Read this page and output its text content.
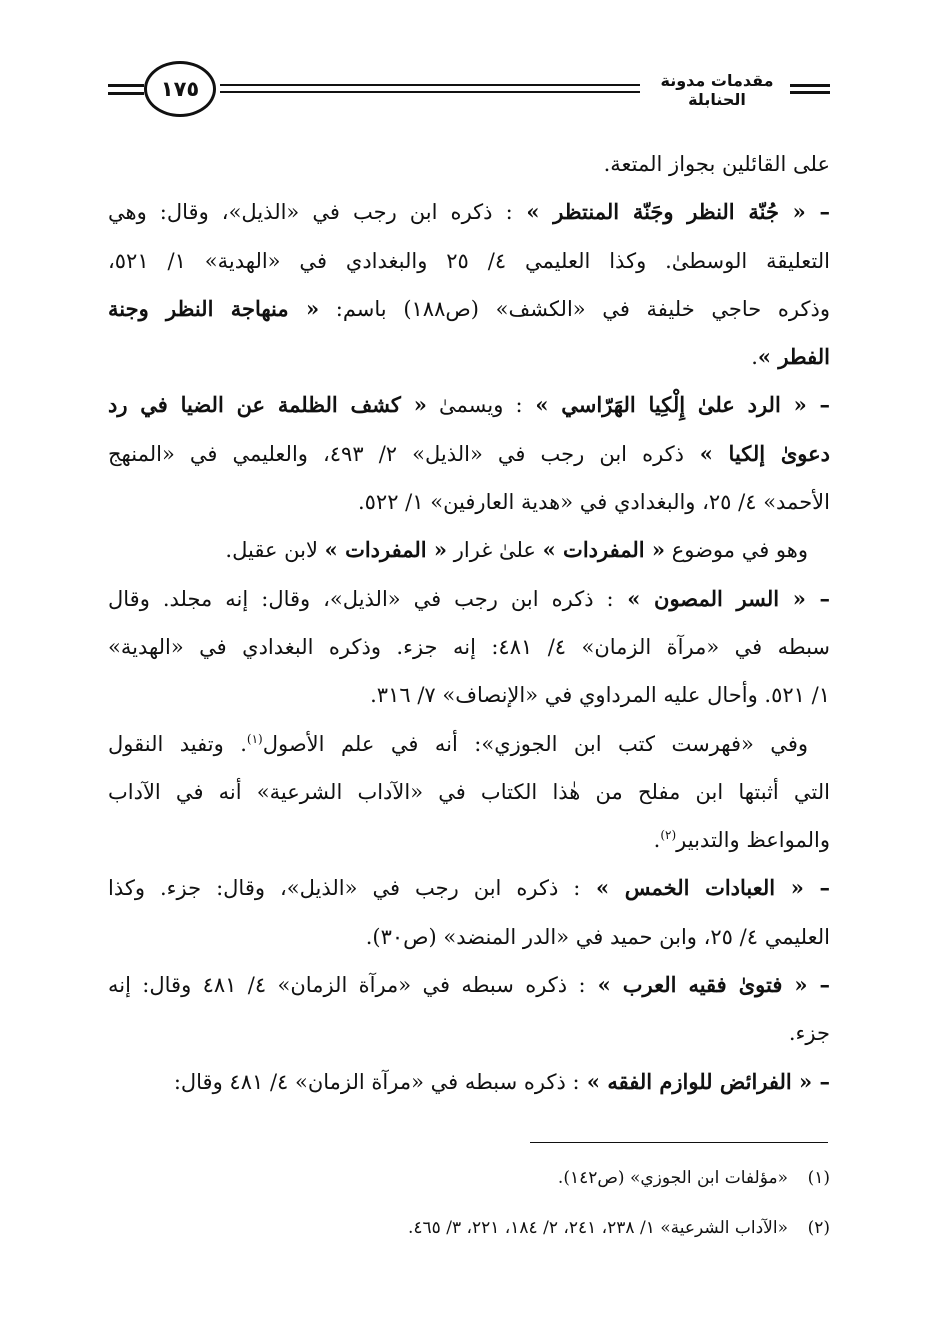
١٧٥	مقدمات مدونة الحنابلة
على القائلين بجواز المتعة.
– « جُنّة النظر وجَنّة المنتظر » : ذكره ابن رجب في «الذيل»، وقال: وهي
التعليقة الوسطىٰ. وكذا العليمي ٤/ ٢٥ والبغدادي في «الهدية» ١/ ٥٢١،
وذكره حاجي خليفة في «الكشف» (ص١٨٨) باسم: « منهاجة النظر وجنة
الفطر ».
– « الرد علىٰ إِلْكِيا الهَرّاسي » : ويسمىٰ « كشف الظلمة عن الضيا في رد
دعوىٰ إلكيا » ذكره ابن رجب في «الذيل» ٢/ ٤٩٣، والعليمي في «المنهج
الأحمد» ٤/ ٢٥، والبغدادي في «هدية العارفين» ١/ ٥٢٢.
وهو في موضوع « المفردات » علىٰ غرار « المفردات » لابن عقيل.
– « السر المصون » : ذكره ابن رجب في «الذيل»، وقال: إنه مجلد. وقال
سبطه في «مرآة الزمان» ٤/ ٤٨١: إنه جزء. وذكره البغدادي في «الهدية»
١/ ٥٢١. وأحال عليه المرداوي في «الإنصاف» ٧/ ٣١٦.
وفي «فهرست كتب ابن الجوزي»: أنه في علم الأصول$^{(١)}$. وتفيد النقول
التي أثبتها ابن مفلح من هٰذا الكتاب في «الآداب الشرعية» أنه في الآداب
والمواعظ والتدبير$^{(٢)}$.
– « العبادات الخمس » : ذكره ابن رجب في «الذيل»، وقال: جزء. وكذا
العليمي ٤/ ٢٥، وابن حميد في «الدر المنضد» (ص٣٠).
– « فتوىٰ فقيه العرب » : ذكره سبطه في «مرآة الزمان» ٤/ ٤٨١ وقال: إنه
جزء.
– « الفرائض للوازم الفقه » : ذكره سبطه في «مرآة الزمان» ٤/ ٤٨١ وقال:
(١)«مؤلفات ابن الجوزي» (ص١٤٢).
(٢)«الآداب الشرعية» ١/ ٢٣٨، ٢٤١، ٢/ ١٨٤، ٢٢١، ٣/ ٤٦٥.
